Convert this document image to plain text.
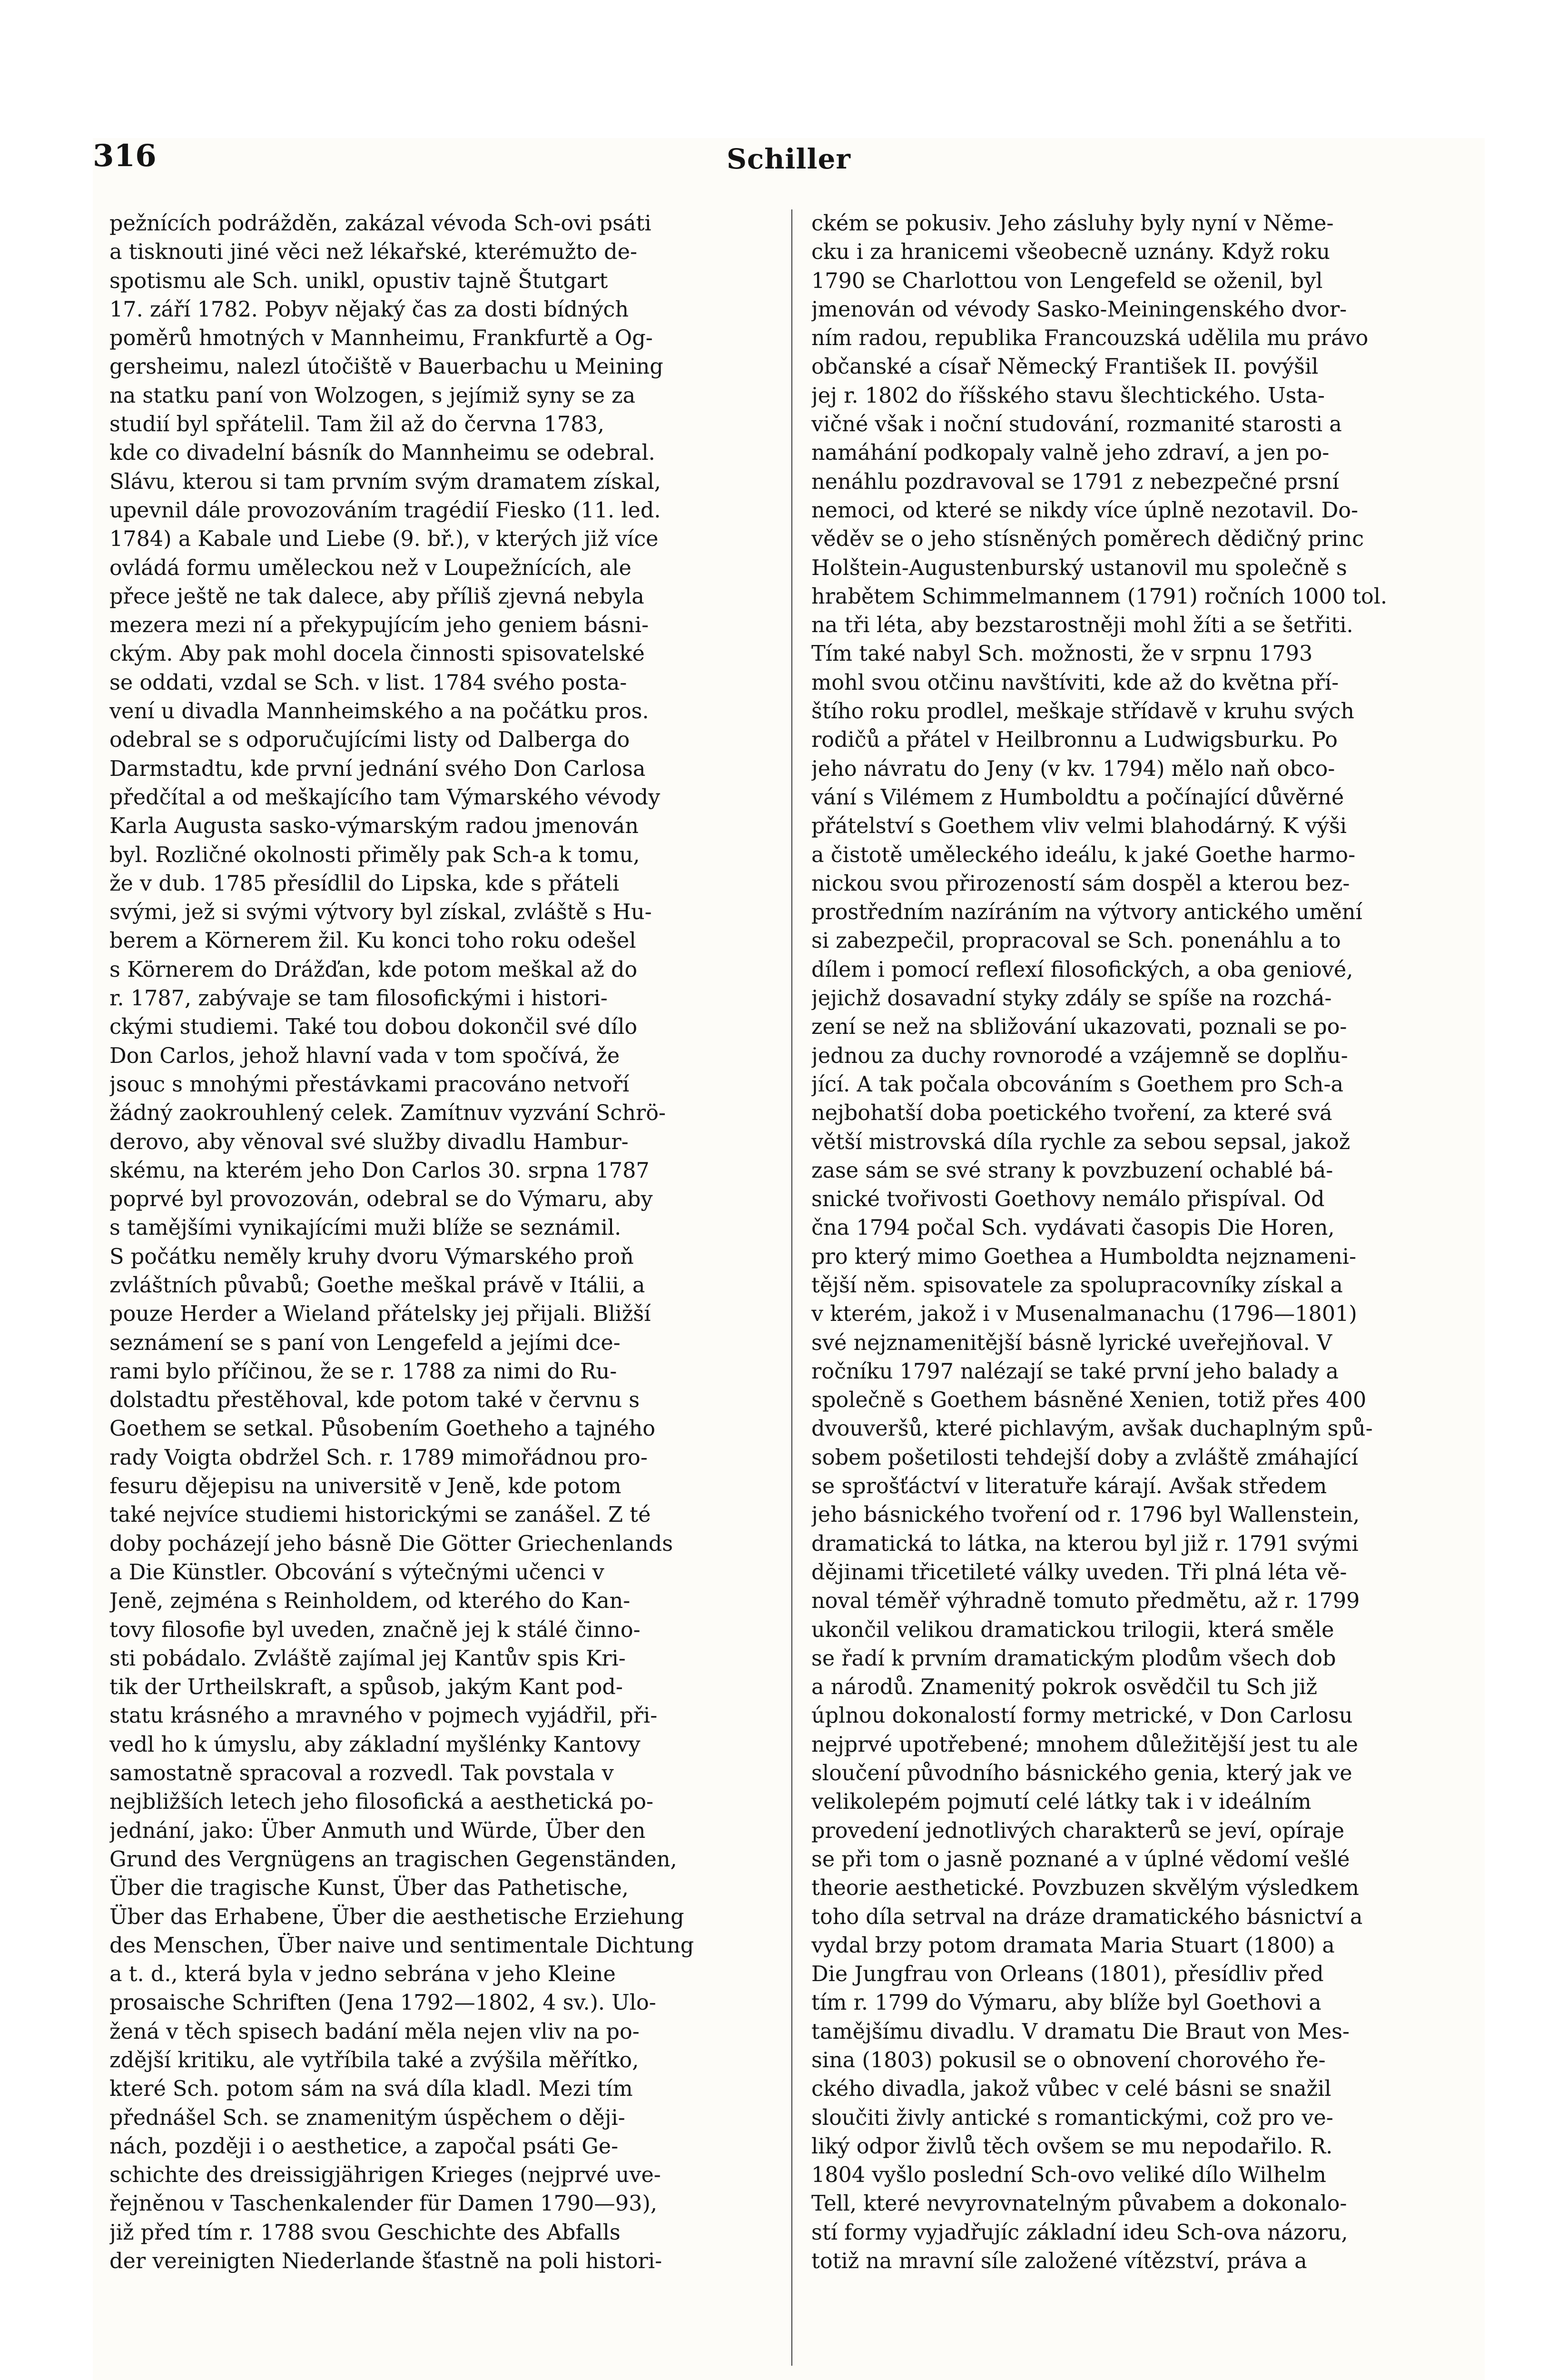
316	Schiller
pežnících podrážděn, zakázal vévoda Sch-ovi psáti
a tisknouti jiné věci než lékařské, kterémužto de-
spotismu ale Sch. unikl, opustiv tajně Štutgart
17. září 1782. Pobyv nějaký čas za dosti bídných
poměrů hmotných v Mannheimu, Frankfurtě a Og-
gersheimu, nalezl útočiště v Bauerbachu u Meining
na statku paní von Wolzogen, s jejímiž syny se za
studií byl spřátelil. Tam žil až do června 1783,
kde co divadelní básník do Mannheimu se odebral.
Slávu, kterou si tam prvním svým dramatem získal,
upevnil dále provozováním tragédií Fiesko (11. led.
1784) a Kabale und Liebe (9. bř.), v kterých již více
ovládá formu uměleckou než v Loupežnících, ale
přece ještě ne tak dalece, aby příliš zjevná nebyla
mezera mezi ní a překypujícím jeho geniem básni-
ckým. Aby pak mohl docela činnosti spisovatelské
se oddati, vzdal se Sch. v list. 1784 svého posta-
vení u divadla Mannheimského a na počátku pros.
odebral se s odporučujícími listy od Dalberga do
Darmstadtu, kde první jednání svého Don Carlosa
předčítal a od meškajícího tam Výmarského vévody
Karla Augusta sasko-výmarským radou jmenován
byl. Rozličné okolnosti přiměly pak Sch-a k tomu,
že v dub. 1785 přesídlil do Lipska, kde s přáteli
svými, jež si svými výtvory byl získal, zvláště s Hu-
berem a Körnerem žil. Ku konci toho roku odešel
s Körnerem do Drážďan, kde potom meškal až do
r. 1787, zabývaje se tam filosofickými i histori-
ckými studiemi. Také tou dobou dokončil své dílo
Don Carlos, jehož hlavní vada v tom spočívá, že
jsouc s mnohými přestávkami pracováno netvoří
žádný zaokrouhlený celek. Zamítnuv vyzvání Schrö-
derovo, aby věnoval své služby divadlu Hambur-
skému, na kterém jeho Don Carlos 30. srpna 1787
poprvé byl provozován, odebral se do Výmaru, aby
s tamějšími vynikajícími muži blíže se seznámil.
S počátku neměly kruhy dvoru Výmarského proň
zvláštních půvabů; Goethe meškal právě v Itálii, a
pouze Herder a Wieland přátelsky jej přijali. Bližší
seznámení se s paní von Lengefeld a jejími dce-
rami bylo příčinou, že se r. 1788 za nimi do Ru-
dolstadtu přestěhoval, kde potom také v červnu s
Goethem se setkal. Působením Goetheho a tajného
rady Voigta obdržel Sch. r. 1789 mimořádnou pro-
fesuru dějepisu na universitě v Jeně, kde potom
také nejvíce studiemi historickými se zanášel. Z té
doby pocházejí jeho básně Die Götter Griechenlands
a Die Künstler. Obcování s výtečnými učenci v
Jeně, zejména s Reinholdem, od kterého do Kan-
tovy filosofie byl uveden, značně jej k stálé činno-
sti pobádalo. Zvláště zajímal jej Kantův spis Kri-
tik der Urtheilskraft, a spůsob, jakým Kant pod-
statu krásného a mravného v pojmech vyjádřil, při-
vedl ho k úmyslu, aby základní myšlénky Kantovy
samostatně spracoval a rozvedl. Tak povstala v
nejbližších letech jeho filosofická a aesthetická po-
jednání, jako: Über Anmuth und Würde, Über den
Grund des Vergnügens an tragischen Gegenständen,
Über die tragische Kunst, Über das Pathetische,
Über das Erhabene, Über die aesthetische Erziehung
des Menschen, Über naive und sentimentale Dichtung
a t. d., která byla v jedno sebrána v jeho Kleine
prosaische Schriften (Jena 1792—1802, 4 sv.). Ulo-
žená v těch spisech badání měla nejen vliv na po-
zdější kritiku, ale vytříbila také a zvýšila měřítko,
které Sch. potom sám na svá díla kladl. Mezi tím
přednášel Sch. se znamenitým úspěchem o ději-
nách, později i o aesthetice, a započal psáti Ge-
schichte des dreissigjährigen Krieges (nejprvé uve-
řejněnou v Taschenkalender für Damen 1790—93),
již před tím r. 1788 svou Geschichte des Abfalls
der vereinigten Niederlande šťastně na poli histori-
ckém se pokusiv. Jeho zásluhy byly nyní v Něme-
cku i za hranicemi všeobecně uznány. Když roku
1790 se Charlottou von Lengefeld se oženil, byl
jmenován od vévody Sasko-Meiningenského dvor-
ním radou, republika Francouzská udělila mu právo
občanské a císař Německý František II. povýšil
jej r. 1802 do říšského stavu šlechtického. Usta-
vičné však i noční studování, rozmanité starosti a
namáhání podkopaly valně jeho zdraví, a jen po-
nenáhlu pozdravoval se 1791 z nebezpečné prsní
nemoci, od které se nikdy více úplně nezotavil. Do-
věděv se o jeho stísněných poměrech dědičný princ
Holštein-Augustenburský ustanovil mu společně s
hrabětem Schimmelmannem (1791) ročních 1000 tol.
na tři léta, aby bezstarostněji mohl žíti a se šetřiti.
Tím také nabyl Sch. možnosti, že v srpnu 1793
mohl svou otčinu navštíviti, kde až do května pří-
štího roku prodlel, meškaje střídavě v kruhu svých
rodičů a přátel v Heilbronnu a Ludwigsburku. Po
jeho návratu do Jeny (v kv. 1794) mělo naň obco-
vání s Vilémem z Humboldtu a počínající důvěrné
přátelství s Goethem vliv velmi blahodárný. K výši
a čistotě uměleckého ideálu, k jaké Goethe harmo-
nickou svou přirozeností sám dospěl a kterou bez-
prostředním nazíráním na výtvory antického umění
si zabezpečil, propracoval se Sch. ponenáhlu a to
dílem i pomocí reflexí filosofických, a oba geniové,
jejichž dosavadní styky zdály se spíše na rozchá-
zení se než na sbližování ukazovati, poznali se po-
jednou za duchy rovnorodé a vzájemně se doplňu-
jící. A tak počala obcováním s Goethem pro Sch-a
nejbohatší doba poetického tvoření, za které svá
větší mistrovská díla rychle za sebou sepsal, jakož
zase sám se své strany k povzbuzení ochablé bá-
snické tvořivosti Goethovy nemálo přispíval. Od
čna 1794 počal Sch. vydávati časopis Die Horen,
pro který mimo Goethea a Humboldta nejznameni-
tější něm. spisovatele za spolupracovníky získal a
v kterém, jakož i v Musenalmanachu (1796—1801)
své nejznamenitější básně lyrické uveřejňoval. V
ročníku 1797 nalézají se také první jeho balady a
společně s Goethem básněné Xenien, totiž přes 400
dvouveršů, které pichlavým, avšak duchaplným spů-
sobem pošetilosti tehdejší doby a zvláště zmáhající
se sprošťáctví v literatuře kárají. Avšak středem
jeho básnického tvoření od r. 1796 byl Wallenstein,
dramatická to látka, na kterou byl již r. 1791 svými
dějinami třicetileté války uveden. Tři plná léta vě-
noval téměř výhradně tomuto předmětu, až r. 1799
ukončil velikou dramatickou trilogii, která směle
se řadí k prvním dramatickým plodům všech dob
a národů. Znamenitý pokrok osvědčil tu Sch již
úplnou dokonalostí formy metrické, v Don Carlosu
nejprvé upotřebené; mnohem důležitější jest tu ale
sloučení původního básnického genia, který jak ve
velikolepém pojmutí celé látky tak i v ideálním
provedení jednotlivých charakterů se jeví, opíraje
se při tom o jasně poznané a v úplné vědomí vešlé
theorie aesthetické. Povzbuzen skvělým výsledkem
toho díla setrval na dráze dramatického básnictví a
vydal brzy potom dramata Maria Stuart (1800) a
Die Jungfrau von Orleans (1801), přesídliv před
tím r. 1799 do Výmaru, aby blíže byl Goethovi a
tamějšímu divadlu. V dramatu Die Braut von Mes-
sina (1803) pokusil se o obnovení chorového ře-
ckého divadla, jakož vůbec v celé básni se snažil
sloučiti živly antické s romantickými, což pro ve-
liký odpor živlů těch ovšem se mu nepodařilo. R.
1804 vyšlo poslední Sch-ovo veliké dílo Wilhelm
Tell, které nevyrovnatelným půvabem a dokonalo-
stí formy vyjadřujíc základní ideu Sch-ova názoru,
totiž na mravní síle založené vítězství, práva a
